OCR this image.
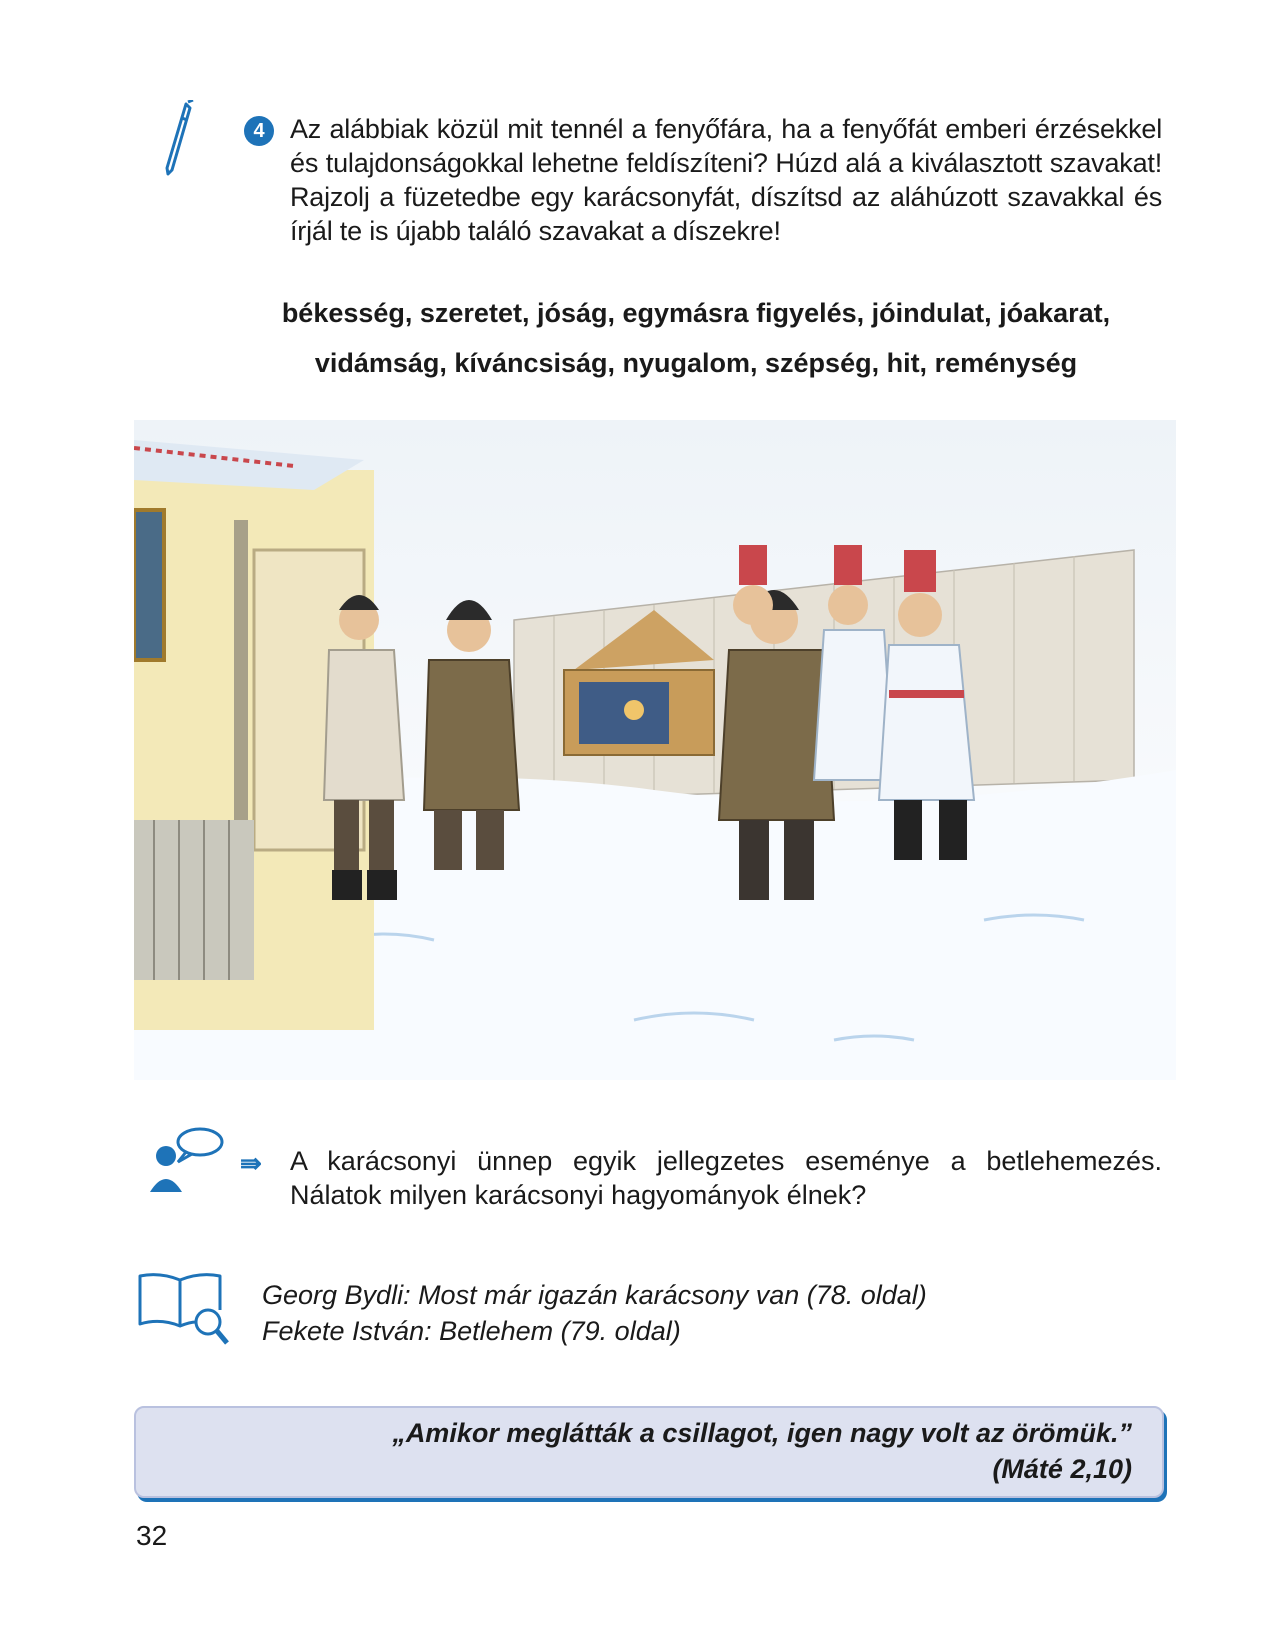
4 Az alábbiak közül mit tennél a fenyőfára, ha a fenyőfát emberi érzésekkel és tulajdonságokkal lehetne feldíszíteni? Húzd alá a kiválasztott szavakat! Rajzolj a füzetedbe egy karácsonyfát, díszítsd az aláhúzott szavakkal és írjál te is újabb találó szavakat a díszekre!
békesség, szeretet, jóság, egymásra figyelés, jóindulat, jóakarat,
vidámság, kíváncsiság, nyugalom, szépség, hit, reménység
⇛ A karácsonyi ünnep egyik jellegzetes eseménye a betlehemezés. Nálatok milyen karácsonyi hagyományok élnek?
Georg Bydli: Most már igazán karácsony van (78. oldal)
Fekete István: Betlehem (79. oldal)
„Amikor meglátták a csillagot, igen nagy volt az örömük.”
(Máté 2,10)
32
